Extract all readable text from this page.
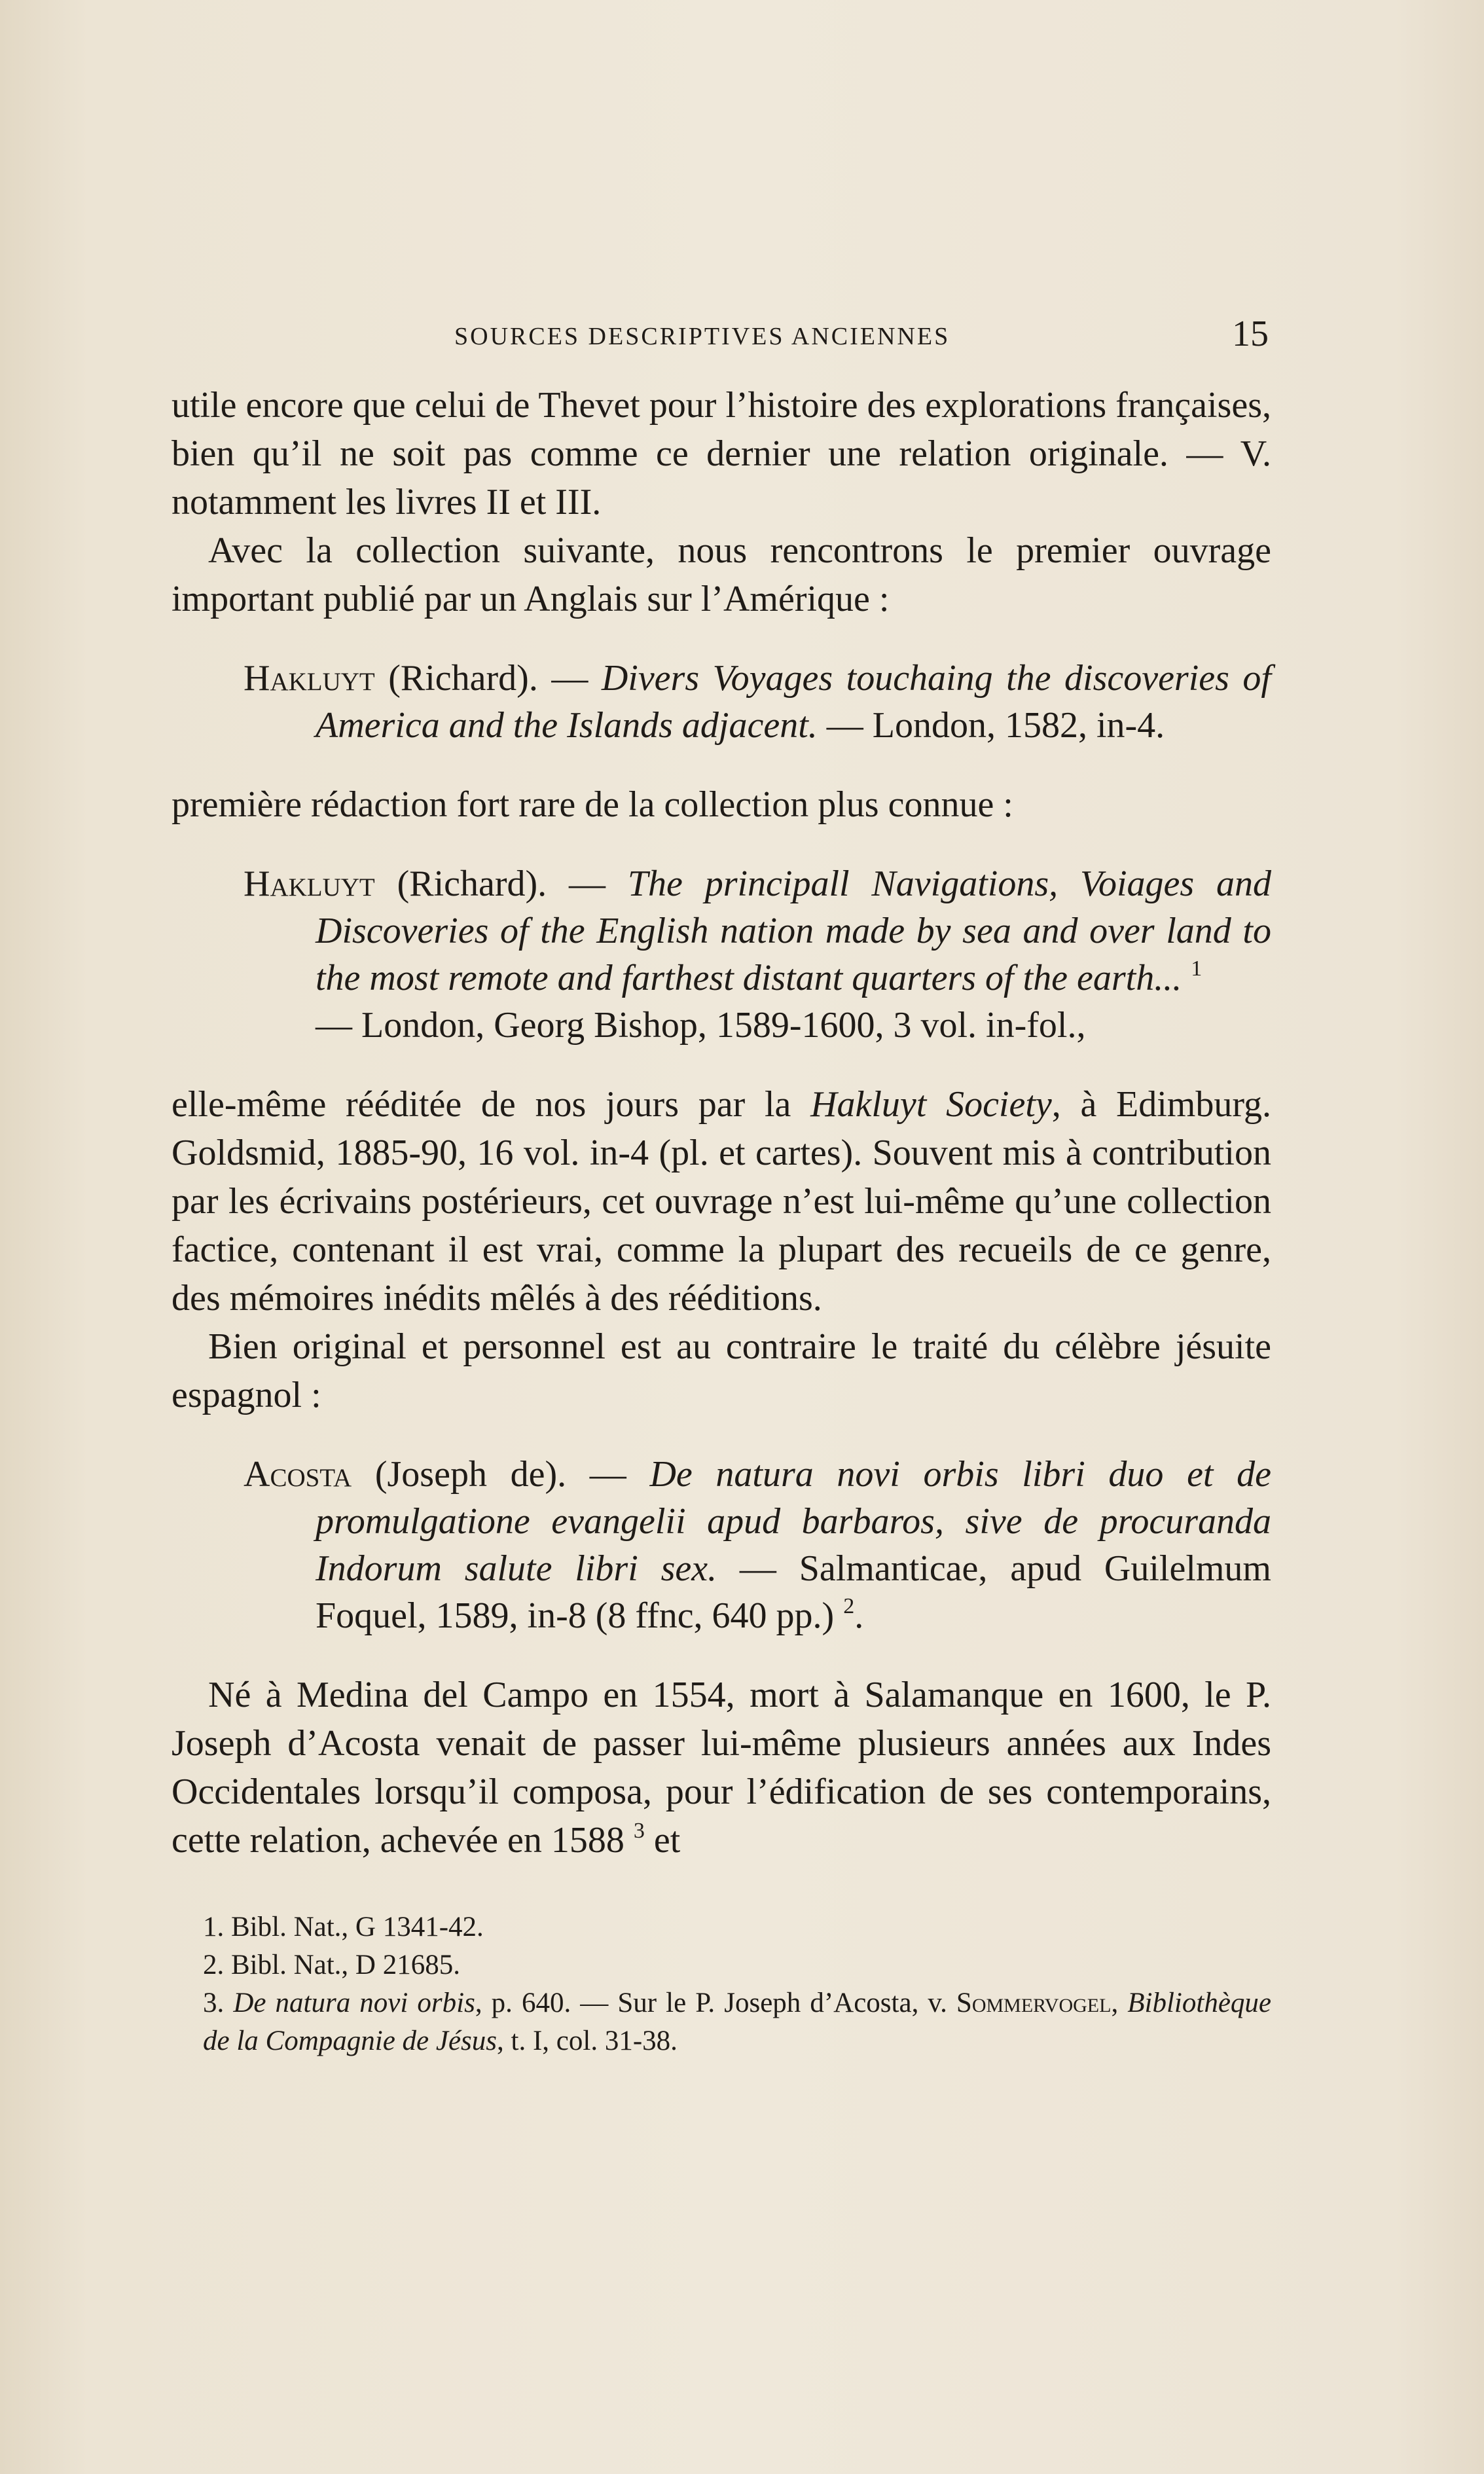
SOURCES DESCRIPTIVES ANCIENNES	15

utile encore que celui de Thevet pour l’histoire des explorations françaises, bien qu’il ne soit pas comme ce dernier une relation originale. — V. notamment les livres II et III.

Avec la collection suivante, nous rencontrons le premier ouvrage important publié par un Anglais sur l’Amérique :

Hakluyt (Richard). — Divers Voyages touchaing the discoveries of America and the Islands adjacent. — London, 1582, in-4.

première rédaction fort rare de la collection plus connue :

Hakluyt (Richard). — The principall Navigations, Voiages and Discoveries of the English nation made by sea and over land to the most remote and farthest distant quarters of the earth... $^1$
— London, Georg Bishop, 1589-1600, 3 vol. in-fol.,

elle-même rééditée de nos jours par la Hakluyt Society, à Edimburg. Goldsmid, 1885-90, 16 vol. in-4 (pl. et cartes). Souvent mis à contribution par les écrivains postérieurs, cet ouvrage n’est lui-même qu’une collection factice, contenant il est vrai, comme la plupart des recueils de ce genre, des mémoires inédits mêlés à des rééditions.

Bien original et personnel est au contraire le traité du célèbre jésuite espagnol :

Acosta (Joseph de). — De natura novi orbis libri duo et de promulgatione evangelii apud barbaros, sive de procuranda Indorum salute libri sex. — Salmanticae, apud Guilelmum Foquel, 1589, in-8 (8 ffnc, 640 pp.) $^2$.

Né à Medina del Campo en 1554, mort à Salamanque en 1600, le P. Joseph d’Acosta venait de passer lui-même plusieurs années aux Indes Occidentales lorsqu’il composa, pour l’édification de ses contemporains, cette relation, achevée en 1588 $^3$ et

1. Bibl. Nat., G 1341-42.

2. Bibl. Nat., D 21685.

3. De natura novi orbis, p. 640. — Sur le P. Joseph d’Acosta, v. Sommervogel, Bibliothèque de la Compagnie de Jésus, t. I, col. 31-38.
